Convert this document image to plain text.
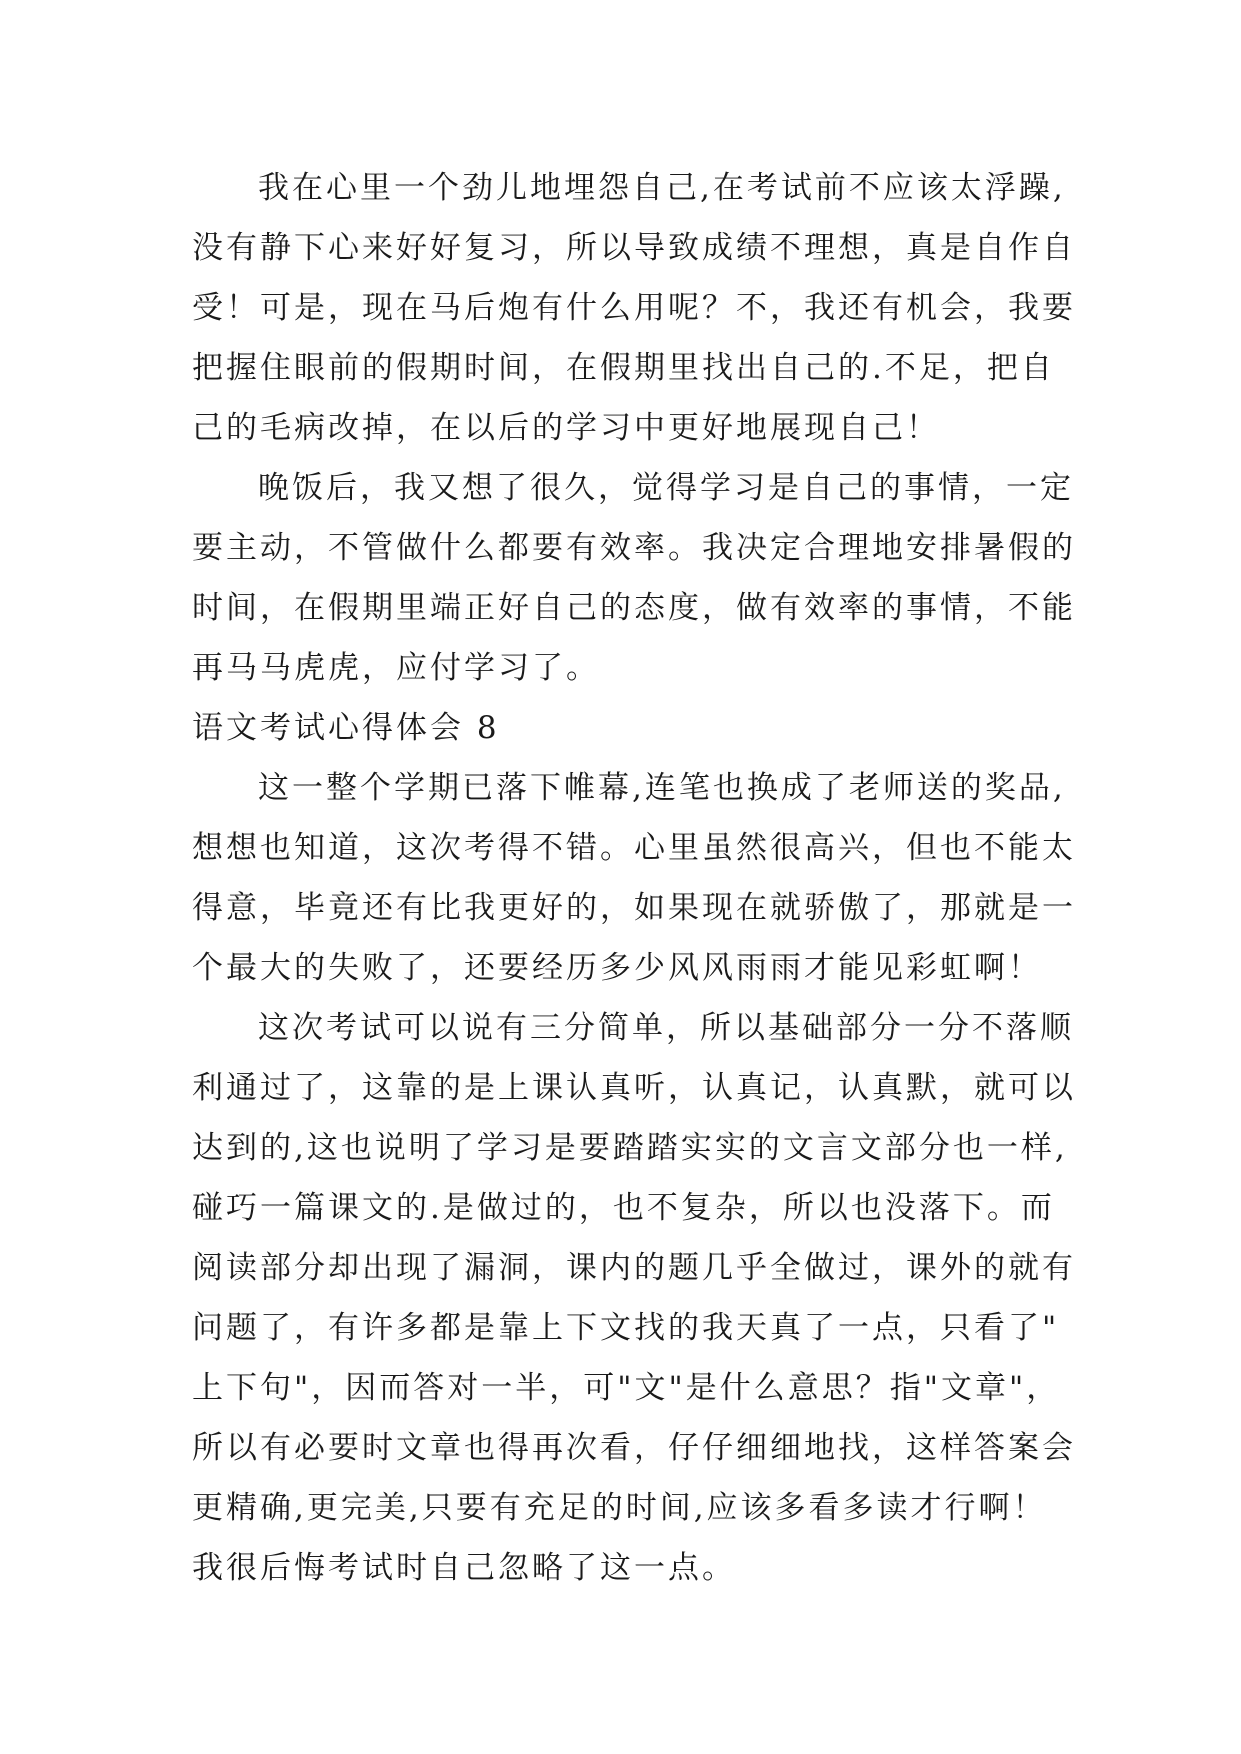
我在心里一个劲儿地埋怨自己,在考试前不应该太浮躁,
没有静下心来好好复习，所以导致成绩不理想，真是自作自
受！可是，现在马后炮有什么用呢？不，我还有机会，我要
把握住眼前的假期时间，在假期里找出自己的.不足，把自
己的毛病改掉，在以后的学习中更好地展现自己！
晚饭后，我又想了很久，觉得学习是自己的事情，一定
要主动，不管做什么都要有效率。我决定合理地安排暑假的
时间，在假期里端正好自己的态度，做有效率的事情，不能
再马马虎虎，应付学习了。
语文考试心得体会 8
这一整个学期已落下帷幕,连笔也换成了老师送的奖品,
想想也知道，这次考得不错。心里虽然很高兴，但也不能太
得意，毕竟还有比我更好的，如果现在就骄傲了，那就是一
个最大的失败了，还要经历多少风风雨雨才能见彩虹啊！
这次考试可以说有三分简单，所以基础部分一分不落顺
利通过了，这靠的是上课认真听，认真记，认真默，就可以
达到的,这也说明了学习是要踏踏实实的文言文部分也一样,
碰巧一篇课文的.是做过的，也不复杂，所以也没落下。而
阅读部分却出现了漏洞，课内的题几乎全做过，课外的就有
问题了，有许多都是靠上下文找的我天真了一点，只看了"
上下句"，因而答对一半，可"文"是什么意思？指"文章"，
所以有必要时文章也得再次看，仔仔细细地找，这样答案会
更精确,更完美,只要有充足的时间,应该多看多读才行啊！
我很后悔考试时自己忽略了这一点。
